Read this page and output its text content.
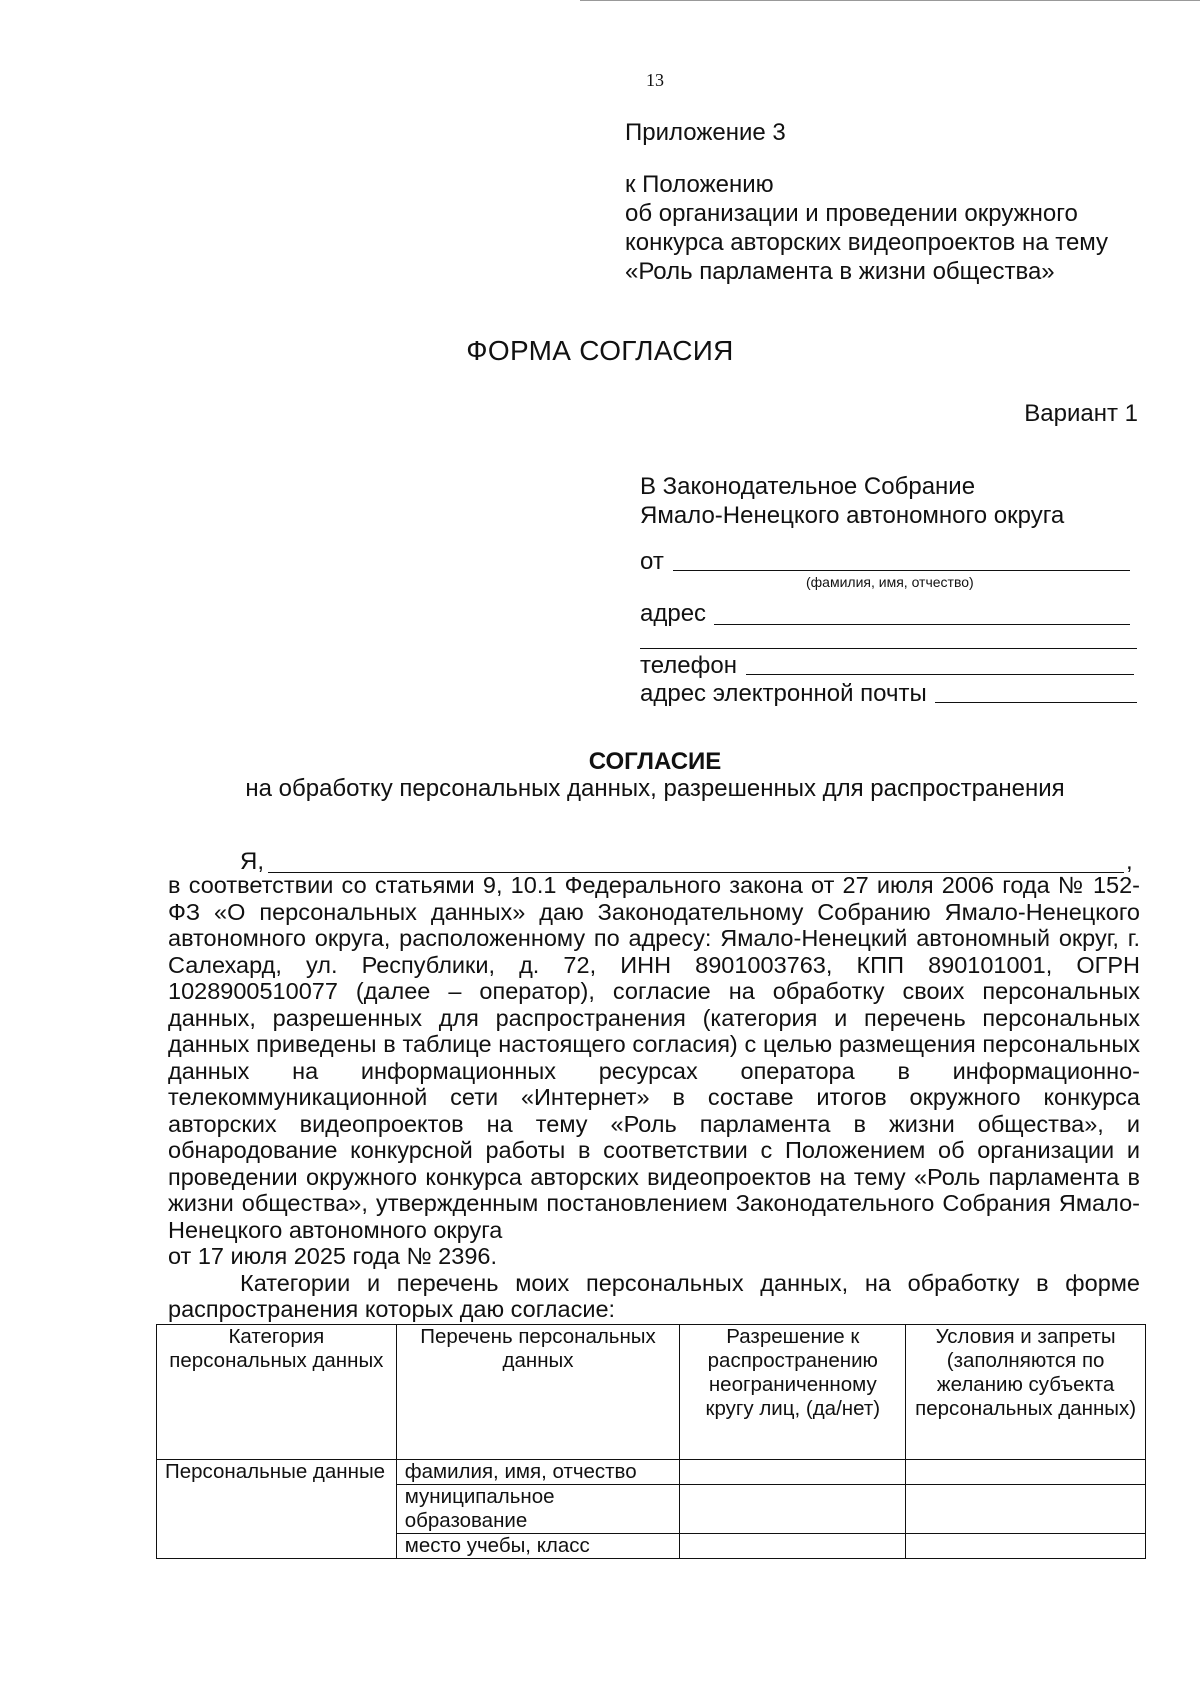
13
Приложение 3
к Положению
об организации и проведении окружного
конкурса авторских видеопроектов на тему
«Роль парламента в жизни общества»
ФОРМА СОГЛАСИЯ
Вариант 1
В Законодательное Собрание
Ямало-Ненецкого автономного округа
от
(фамилия, имя, отчество)
адрес
телефон
адрес электронной почты
СОГЛАСИЕ
на обработку персональных данных, разрешенных для распространения
Я,	,

в соответствии со статьями 9, 10.1 Федерального закона от 27 июля 2006 года № 152-ФЗ «О персональных данных» даю Законодательному Собранию Ямало-Ненецкого автономного округа, расположенному по адресу: Ямало-Ненецкий автономный округ, г. Салехард, ул. Республики, д. 72, ИНН 8901003763, КПП 890101001, ОГРН 1028900510077 (далее – оператор), согласие на обработку своих персональных данных, разрешенных для распространения (категория и перечень персональных данных приведены в таблице настоящего согласия) с целью размещения персональных данных на информационных ресурсах оператора в информационно-телекоммуникационной сети «Интернет» в составе итогов окружного конкурса авторских видеопроектов на тему «Роль парламента в жизни общества», и обнародование конкурсной работы в соответствии с Положением об организации и проведении окружного конкурса авторских видеопроектов на тему «Роль парламента в жизни общества», утвержденным постановлением Законодательного Собрания Ямало-Ненецкого автономного округа

от 17 июля 2025 года № 2396.

Категории и перечень моих персональных данных, на обработку в форме распространения которых даю согласие:

Категория персональных данных	Перечень персональных данных	Разрешение к распространению неограниченному кругу лиц, (да/нет)	Условия и запреты (заполняются по желанию субъекта персональных данных)
Персональные данные	фамилия, имя, отчество		
	муниципальное образование		
	место учебы, класс		
